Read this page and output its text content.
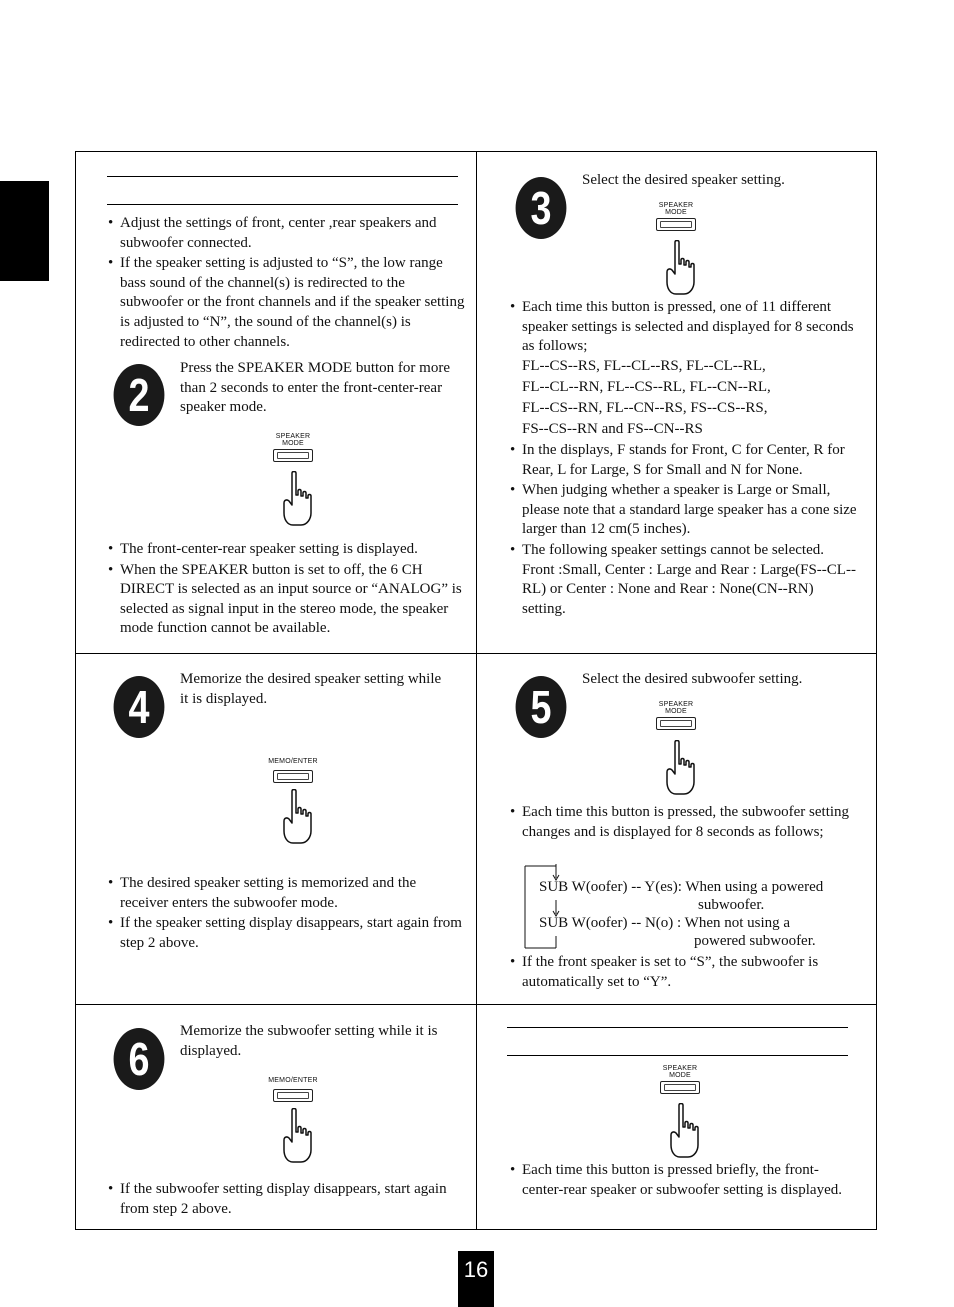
• Adjust the settings of front, center ,rear speakers and subwoofer connected.
• If the speaker setting is adjusted to “S”, the low range bass sound of the channel(s) is redirected to the subwoofer or the front channels and if the speaker setting is adjusted to “N”, the sound of the channel(s) is redirected to other channels.
2
Press the SPEAKER MODE button for more than 2 seconds to enter the front-center-rear speaker mode.
SPEAKER
MODE
• The front-center-rear speaker setting is displayed.
• When the SPEAKER button is set to off, the 6 CH DIRECT is selected as an input source or “ANALOG” is selected as signal input in the stereo mode, the speaker mode function cannot be available.
3
Select the desired speaker setting.
SPEAKER
MODE
• Each time this button is pressed, one of 11 different speaker settings is selected and displayed for 8 seconds as follows;
FL--CS--RS, FL--CL--RS, FL--CL--RL,
FL--CL--RN, FL--CS--RL, FL--CN--RL,
FL--CS--RN, FL--CN--RS, FS--CS--RS,
FS--CS--RN and FS--CN--RS
• In the displays, F stands for Front, C for Center, R for Rear, L for Large, S for Small and N for None.
• When judging whether a speaker is Large or Small, please note that a standard large speaker has a cone size larger than 12 cm(5 inches).
• The following speaker settings cannot be selected. Front :Small, Center : Large and Rear : Large(FS--CL--RL) or Center : None and Rear : None(CN--RN) setting.
4
Memorize the desired speaker setting while it is displayed.
MEMO/ENTER
• The desired speaker setting is memorized and the receiver enters the subwoofer mode.
• If the speaker setting display disappears, start again from step 2 above.
5
Select the desired subwoofer setting.
SPEAKER
MODE
• Each time this button is pressed, the subwoofer setting changes and is displayed for 8 seconds as follows;
SUB W(oofer) -- Y(es): When using a powered
subwoofer.
SUB W(oofer) -- N(o) : When not using a
powered subwoofer.
• If the front speaker is set to “S”, the subwoofer is automatically set to “Y”.
6
Memorize the subwoofer setting while it is displayed.
MEMO/ENTER
• If the subwoofer setting display disappears, start again from step 2 above.
SPEAKER
MODE
• Each time this button is pressed briefly, the front-center-rear speaker or subwoofer setting is displayed.
16
